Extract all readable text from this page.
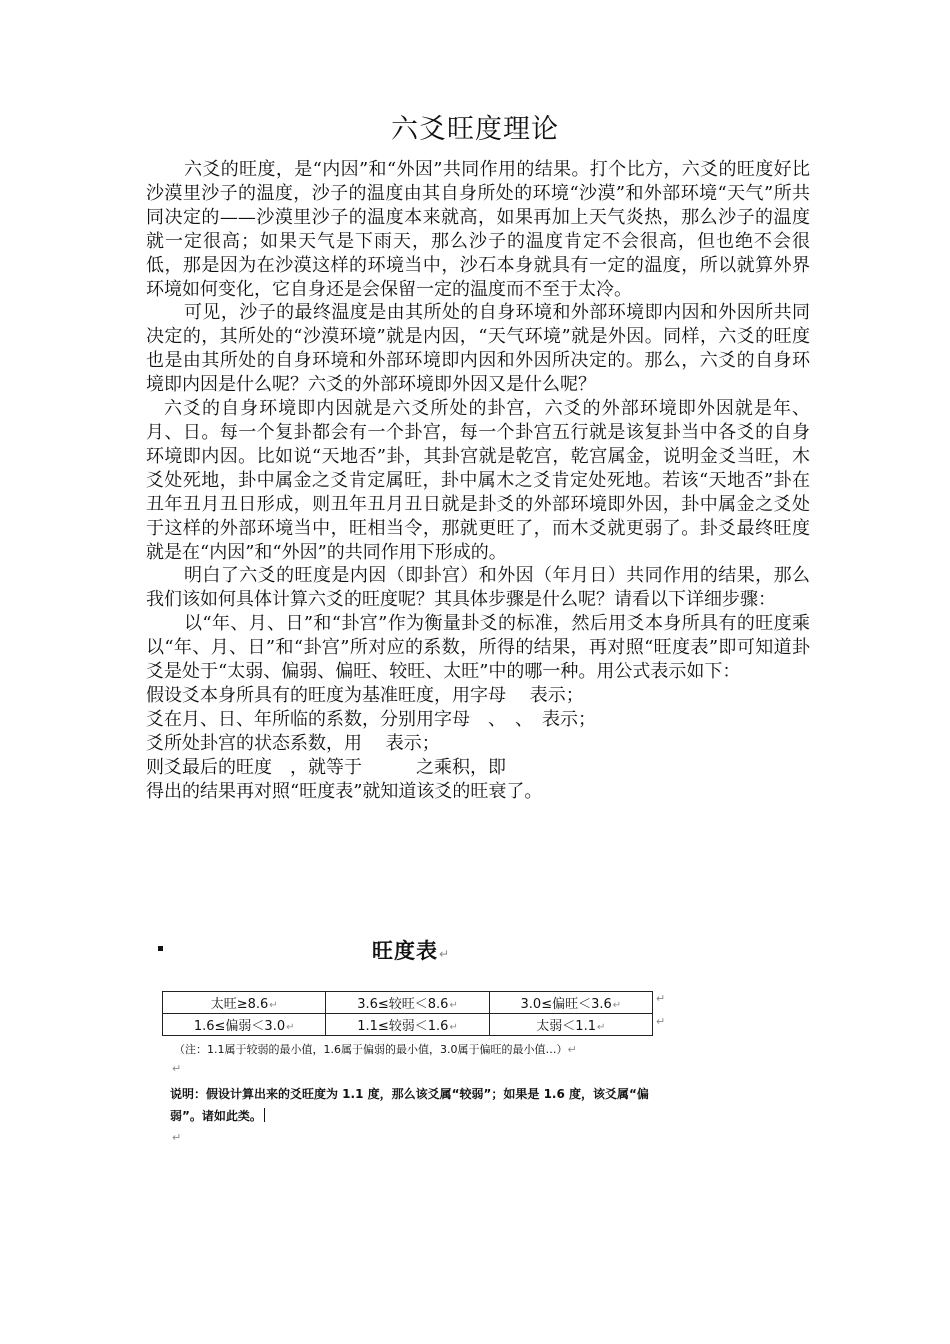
六爻旺度理论

六爻的旺度，是“内因”和“外因”共同作用的结果。打个比方，六爻的旺度好比沙漠里沙子的温度，沙子的温度由其自身所处的环境“沙漠”和外部环境“天气”所共同决定的——沙漠里沙子的温度本来就高，如果再加上天气炎热，那么沙子的温度就一定很高；如果天气是下雨天，那么沙子的温度肯定不会很高，但也绝不会很低，那是因为在沙漠这样的环境当中，沙石本身就具有一定的温度，所以就算外界环境如何变化，它自身还是会保留一定的温度而不至于太冷。

可见，沙子的最终温度是由其所处的自身环境和外部环境即内因和外因所共同决定的，其所处的“沙漠环境”就是内因，“天气环境”就是外因。同样，六爻的旺度也是由其所处的自身环境和外部环境即内因和外因所决定的。那么，六爻的自身环境即内因是什么呢？六爻的外部环境即外因又是什么呢？

六爻的自身环境即内因就是六爻所处的卦宫，六爻的外部环境即外因就是年、月、日。每一个复卦都会有一个卦宫，每一个卦宫五行就是该复卦当中各爻的自身环境即内因。比如说“天地否”卦，其卦宫就是乾宫，乾宫属金，说明金爻当旺，木爻处死地，卦中属金之爻肯定属旺，卦中属木之爻肯定处死地。若该“天地否”卦在丑年丑月丑日形成，则丑年丑月丑日就是卦爻的外部环境即外因，卦中属金之爻处于这样的外部环境当中，旺相当令，那就更旺了，而木爻就更弱了。卦爻最终旺度就是在“内因”和“外因”的共同作用下形成的。

明白了六爻的旺度是内因（即卦宫）和外因（年月日）共同作用的结果，那么我们该如何具体计算六爻的旺度呢？其具体步骤是什么呢？请看以下详细步骤：

以“年、月、日”和“卦宫”作为衡量卦爻的标准，然后用爻本身所具有的旺度乘以“年、月、日”和“卦宫”所对应的系数，所得的结果，再对照“旺度表”即可知道卦爻是处于“太弱、偏弱、偏旺、较旺、太旺”中的哪一种。用公式表示如下：

假设爻本身所具有的旺度为基准旺度，用字母　 表示；

爻在月、日、年所临的系数，分别用字母　、　、　表示；

爻所处卦宫的状态系数，用　 表示；

则爻最后的旺度　，就等于　　　之乘积，即

得出的结果再对照“旺度表”就知道该爻的旺衰了。

旺度表↵
太旺≥8.6↵	3.6≤较旺＜8.6↵	3.0≤偏旺＜3.6↵
1.6≤偏弱＜3.0↵	1.1≤较弱＜1.6↵	太弱＜1.1↵
↵
↵
（注：1.1属于较弱的最小值，1.6属于偏弱的最小值，3.0属于偏旺的最小值…）↵
↵
说明：假设计算出来的爻旺度为 1.1 度，那么该爻属“较弱”；如果是 1.6 度，该爻属“偏弱”。诸如此类。
↵
